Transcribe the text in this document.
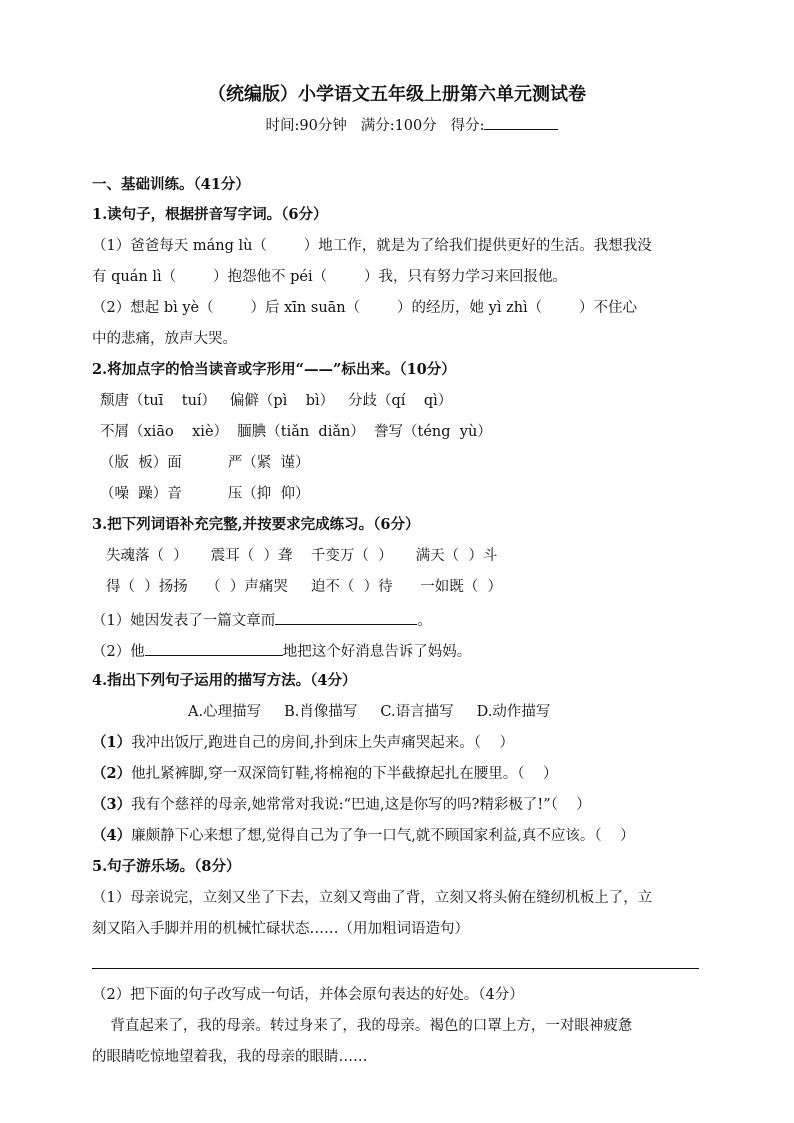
（统编版）小学语文五年级上册第六单元测试卷
时间:90分钟   满分:100分   得分:
一、基础训练。（41分）
1.读句子，根据拼音写字词。（6分）
（1）爸爸每天 máng lù（        ）地工作，就是为了给我们提供更好的生活。我想我没
有 quán lì（        ）抱怨他不 péi（        ）我，只有努力学习来回报他。
（2）想起 bì yè（        ）后 xīn suān（        ）的经历，她 yì zhì（        ）不住心
中的悲痛，放声大哭。
2.将加点字的恰当读音或字形用“——”标出来。（10分）
颓唐（tuī    tuí）   偏僻（pì    bì）   分歧（qí    qì）
不屑（xiāo    xiè）  腼腆（tiǎn  diǎn）  誊写（téng  yù）
（版  板）面          严（紧  谨）
（噪  躁）音          压（抑  仰）
3.把下列词语补充完整,并按要求完成练习。（6分）
失魂落（  ）     震耳（  ）聋    千变万（  ）     满天（  ）斗
得（  ）扬扬    （  ）声痛哭     迫不（  ）待      一如既（  ）
（1）她因发表了一篇文章而	。
（2）他	地把这个好消息告诉了妈妈。
4.指出下列句子运用的描写方法。（4分）
A.心理描写     B.肖像描写     C.语言描写     D.动作描写
（1）我冲出饭厅,跑进自己的房间,扑到床上失声痛哭起来。（    ）
（2）他扎紧裤脚,穿一双深筒钉鞋,将棉袍的下半截撩起扎在腰里。（    ）
（3）我有个慈祥的母亲,她常常对我说:“巴迪,这是你写的吗?精彩极了!”（    ）
（4）廉颇静下心来想了想,觉得自己为了争一口气,就不顾国家利益,真不应该。（    ）
5.句子游乐场。（8分）
（1）母亲说完，立刻又坐了下去，立刻又弯曲了背，立刻又将头俯在缝纫机板上了，立
刻又陷入手脚并用的机械忙碌状态……（用加粗词语造句）
（2）把下面的句子改写成一句话，并体会原句表达的好处。（4分）
背直起来了，我的母亲。转过身来了，我的母亲。褐色的口罩上方，一对眼神疲惫
的眼睛吃惊地望着我，我的母亲的眼睛……
